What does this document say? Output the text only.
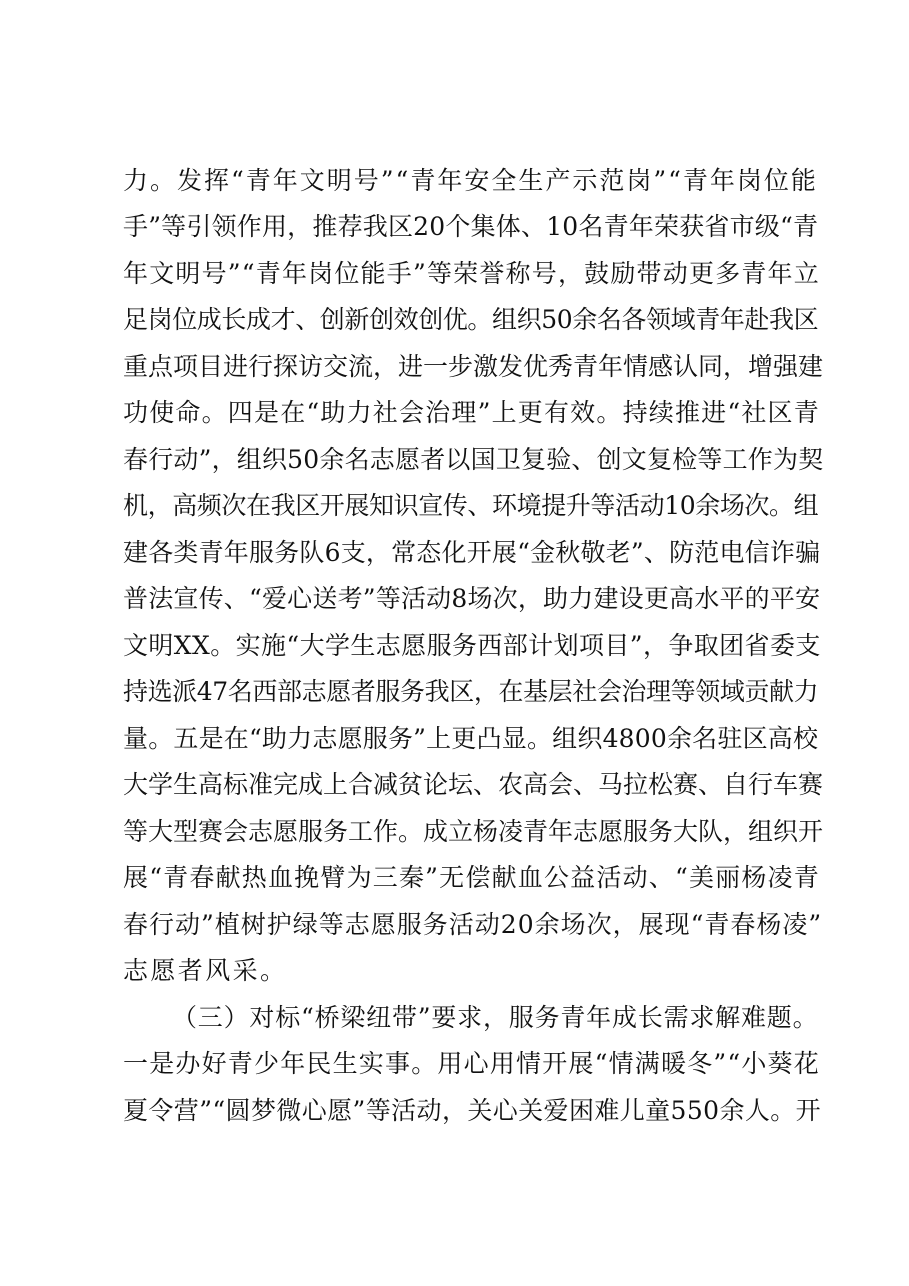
力。发挥“青年文明号”“青年安全生产示范岗”“青年岗位能
手”等引领作用，推荐我区20个集体、10名青年荣获省市级“青
年文明号”“青年岗位能手”等荣誉称号，鼓励带动更多青年立
足岗位成长成才、创新创效创优。组织50余名各领域青年赴我区
重点项目进行探访交流，进一步激发优秀青年情感认同，增强建
功使命。四是在“助力社会治理”上更有效。持续推进“社区青
春行动”，组织50余名志愿者以国卫复验、创文复检等工作为契
机，高频次在我区开展知识宣传、环境提升等活动10余场次。组
建各类青年服务队6支，常态化开展“金秋敬老”、防范电信诈骗
普法宣传、“爱心送考”等活动8场次，助力建设更高水平的平安
文明XX。实施“大学生志愿服务西部计划项目”，争取团省委支
持选派47名西部志愿者服务我区，在基层社会治理等领域贡献力
量。五是在“助力志愿服务”上更凸显。组织4800余名驻区高校
大学生高标准完成上合减贫论坛、农高会、马拉松赛、自行车赛
等大型赛会志愿服务工作。成立杨凌青年志愿服务大队，组织开
展“青春献热血挽臂为三秦”无偿献血公益活动、“美丽杨凌青
春行动”植树护绿等志愿服务活动20余场次，展现“青春杨凌”
志愿者风采。
（三）对标“桥梁纽带”要求，服务青年成长需求解难题。
一是办好青少年民生实事。用心用情开展“情满暖冬”“小葵花
夏令营”“圆梦微心愿”等活动，关心关爱困难儿童550余人。开
